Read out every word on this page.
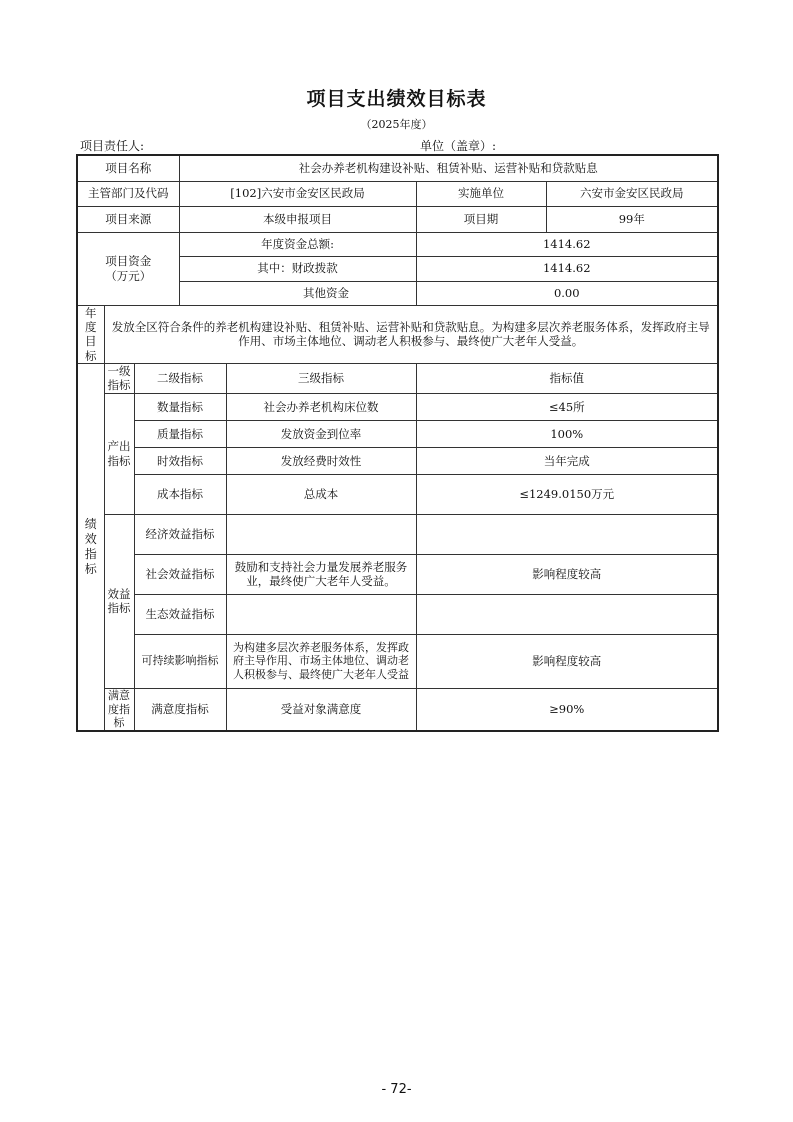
项目支出绩效目标表
（2025年度）
项目责任人:	单位（盖章）:
项目名称			社会办养老机构建设补贴、租赁补贴、运营补贴和贷款贴息			
主管部门及代码			[102]六安市金安区民政局		实施单位	六安市金安区民政局
项目来源			本级申报项目		项目期	99年

项目资金
（万元）			年度资金总额:		1414.62	
			其中：财政拨款		1414.62	
			其他资金		0.00	

年度
目标	发放全区符合条件的养老机构建设补贴、租赁补贴、运营补贴和贷款贴息。为构建多层次养老服务体系，发挥政府主导作用、市场主体地位、调动老人积极参与、最终使广大老年人受益。					
绩效指标	一级指标	二级指标		三级指标	指标值	
	产出指标	数量指标		社会办养老机构床位数	≤45所	
		质量指标		发放资金到位率	100%	
		时效指标		发放经费时效性	当年完成	
		成本指标		总成本	≤1249.0150万元	
	效益指标	经济效益指标				
		社会效益指标		鼓励和支持社会力量发展养老服务业，最终使广大老年人受益。	影响程度较高	
		生态效益指标				
		可持续影响指标		为构建多层次养老服务体系，发挥政府主导作用、市场主体地位、调动老人积极参与、最终使广大老年人受益	影响程度较高	
	满意度指标	满意度指标		受益对象满意度	≥90%	
- 72-
